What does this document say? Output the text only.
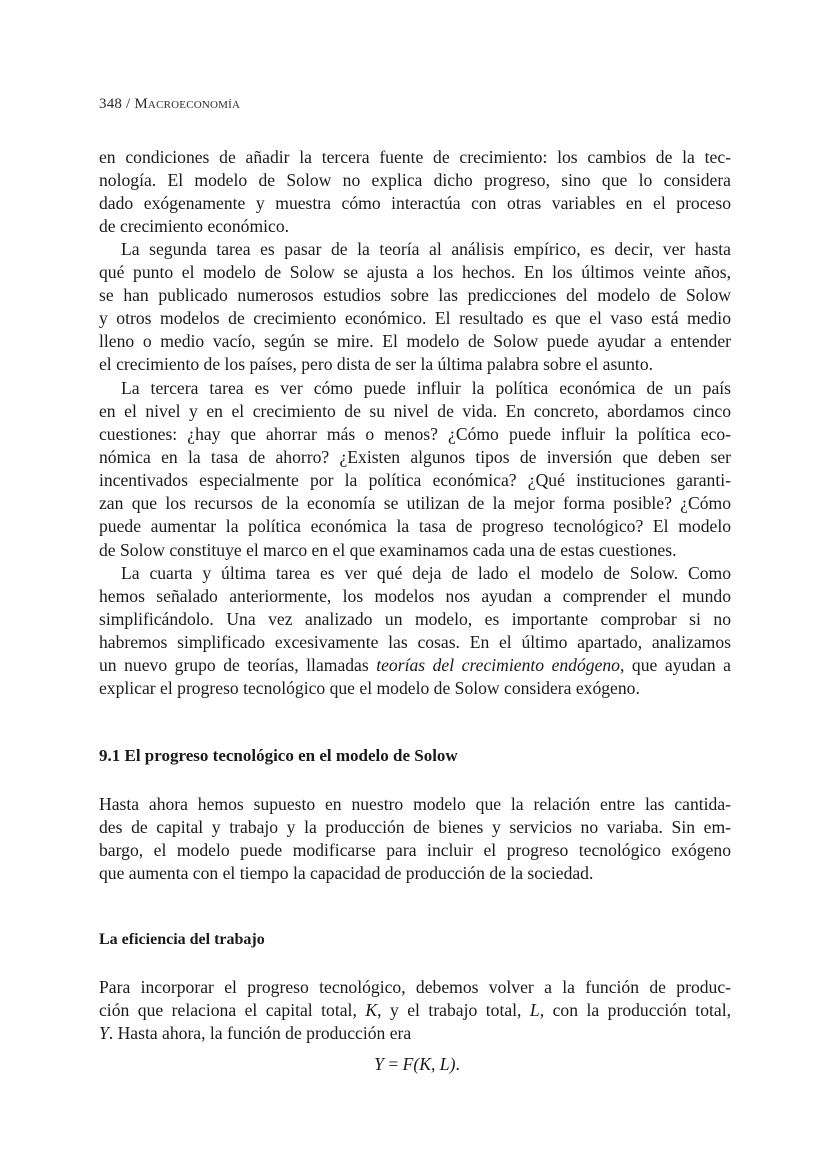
348 / Macroeconomía
en condiciones de añadir la tercera fuente de crecimiento: los cambios de la tec-
nología. El modelo de Solow no explica dicho progreso, sino que lo considera
dado exógenamente y muestra cómo interactúa con otras variables en el proceso
de crecimiento económico.
La segunda tarea es pasar de la teoría al análisis empírico, es decir, ver hasta
qué punto el modelo de Solow se ajusta a los hechos. En los últimos veinte años,
se han publicado numerosos estudios sobre las predicciones del modelo de Solow
y otros modelos de crecimiento económico. El resultado es que el vaso está medio
lleno o medio vacío, según se mire. El modelo de Solow puede ayudar a entender
el crecimiento de los países, pero dista de ser la última palabra sobre el asunto.
La tercera tarea es ver cómo puede influir la política económica de un país
en el nivel y en el crecimiento de su nivel de vida. En concreto, abordamos cinco
cuestiones: ¿hay que ahorrar más o menos? ¿Cómo puede influir la política eco-
nómica en la tasa de ahorro? ¿Existen algunos tipos de inversión que deben ser
incentivados especialmente por la política económica? ¿Qué instituciones garanti-
zan que los recursos de la economía se utilizan de la mejor forma posible? ¿Cómo
puede aumentar la política económica la tasa de progreso tecnológico? El modelo
de Solow constituye el marco en el que examinamos cada una de estas cuestiones.
La cuarta y última tarea es ver qué deja de lado el modelo de Solow. Como
hemos señalado anteriormente, los modelos nos ayudan a comprender el mundo
simplificándolo. Una vez analizado un modelo, es importante comprobar si no
habremos simplificado excesivamente las cosas. En el último apartado, analizamos
un nuevo grupo de teorías, llamadas teorías del crecimiento endógeno, que ayudan a
explicar el progreso tecnológico que el modelo de Solow considera exógeno.
9.1 El progreso tecnológico en el modelo de Solow
Hasta ahora hemos supuesto en nuestro modelo que la relación entre las cantida-
des de capital y trabajo y la producción de bienes y servicios no variaba. Sin em-
bargo, el modelo puede modificarse para incluir el progreso tecnológico exógeno
que aumenta con el tiempo la capacidad de producción de la sociedad.
La eficiencia del trabajo
Para incorporar el progreso tecnológico, debemos volver a la función de produc-
ción que relaciona el capital total, K, y el trabajo total, L, con la producción total,
Y. Hasta ahora, la función de producción era
Y = F(K, L).
